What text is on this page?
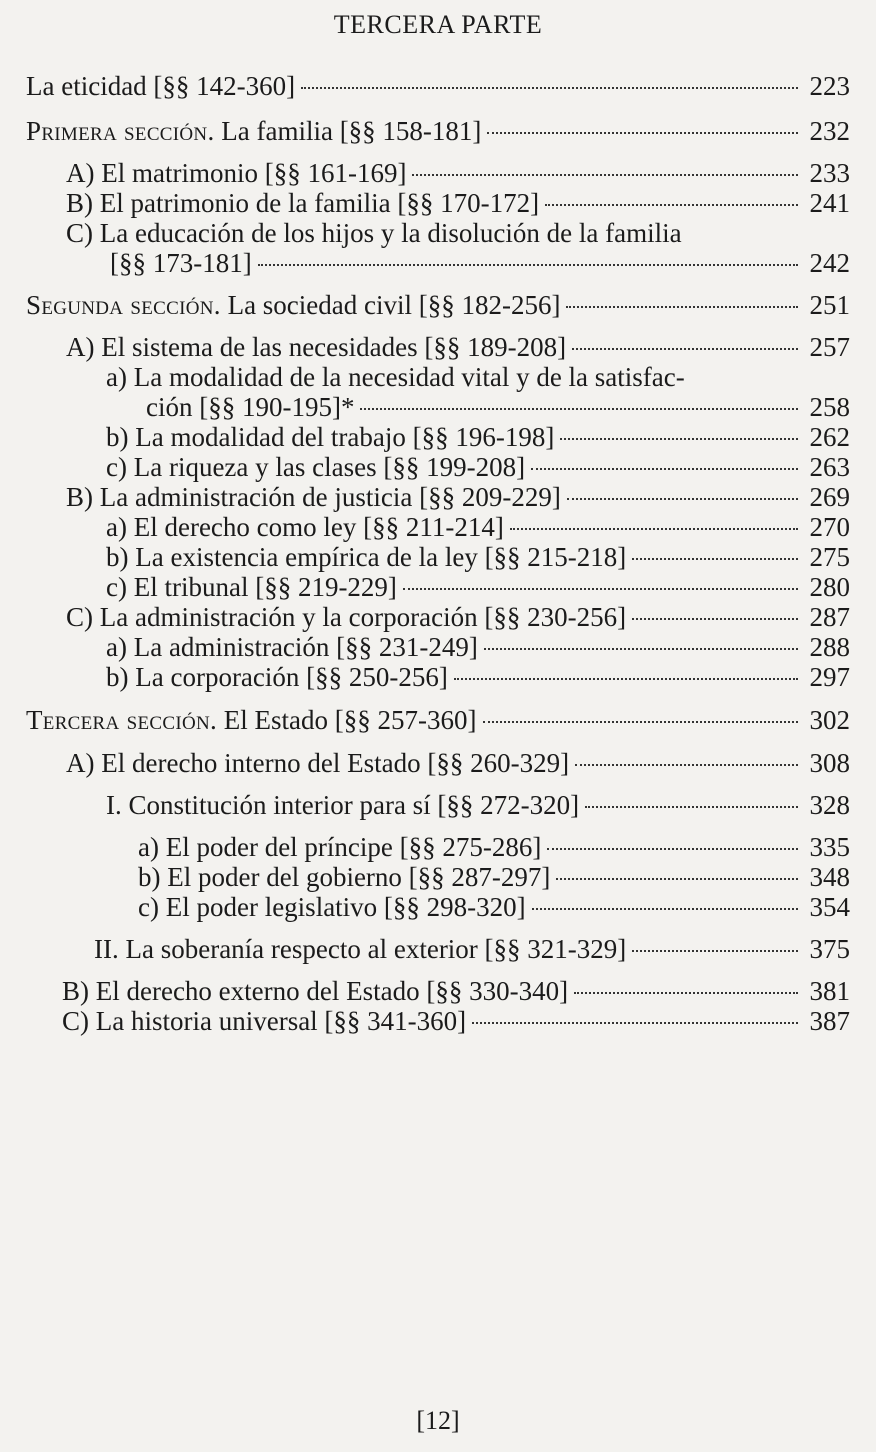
TERCERA PARTE
La eticidad [§§ 142-360]	223
Primera sección. La familia [§§ 158-181]	232
A) El matrimonio [§§ 161-169]	233
B) El patrimonio de la familia [§§ 170-172]	241
C) La educación de los hijos y la disolución de la familia
[§§ 173-181]	242
Segunda sección. La sociedad civil [§§ 182-256]	251
A) El sistema de las necesidades [§§ 189-208]	257
a) La modalidad de la necesidad vital y de la satisfac-
ción [§§ 190-195]*	258
b) La modalidad del trabajo [§§ 196-198]	262
c) La riqueza y las clases [§§ 199-208]	263
B) La administración de justicia [§§ 209-229]	269
a) El derecho como ley [§§ 211-214]	270
b) La existencia empírica de la ley [§§ 215-218]	275
c) El tribunal [§§ 219-229]	280
C) La administración y la corporación [§§ 230-256]	287
a) La administración [§§ 231-249]	288
b) La corporación [§§ 250-256]	297
Tercera sección. El Estado [§§ 257-360]	302
A) El derecho interno del Estado [§§ 260-329]	308
I. Constitución interior para sí [§§ 272-320]	328
a) El poder del príncipe [§§ 275-286]	335
b) El poder del gobierno [§§ 287-297]	348
c) El poder legislativo [§§ 298-320]	354
II. La soberanía respecto al exterior [§§ 321-329]	375
B) El derecho externo del Estado [§§ 330-340]	381
C) La historia universal [§§ 341-360]	387
[12]
